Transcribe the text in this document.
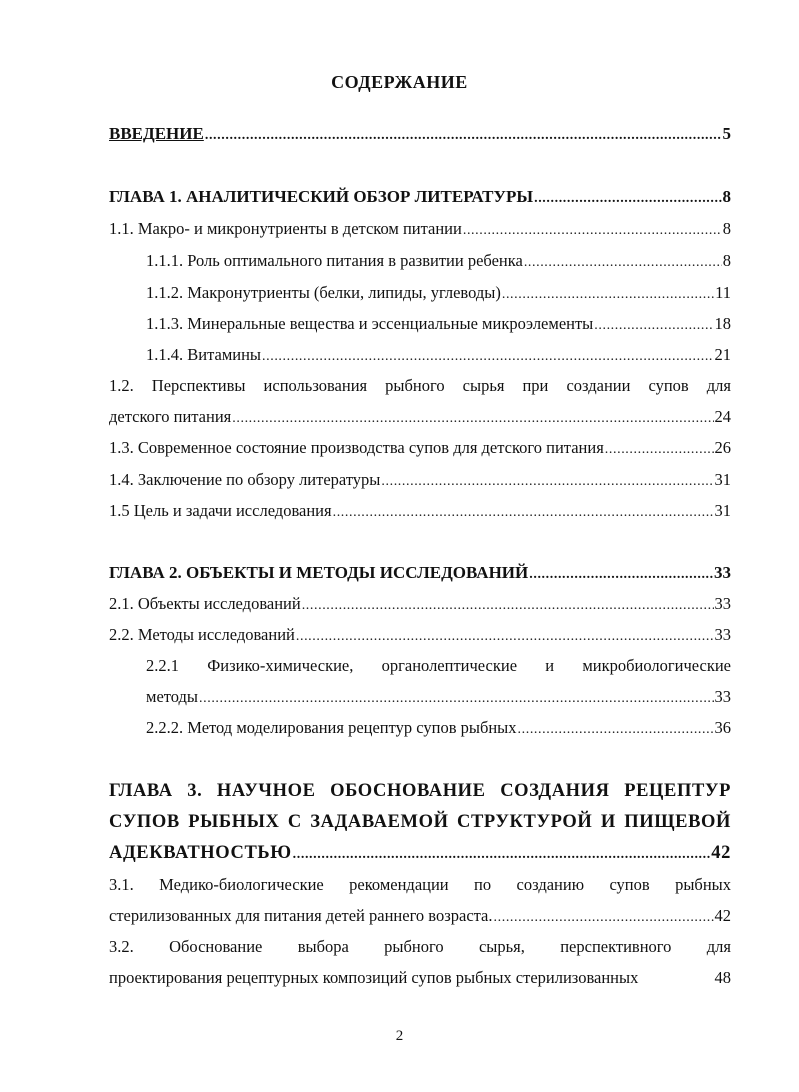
СОДЕРЖАНИЕ
ВВЕДЕНИЕ .....	5
ГЛАВА 1. АНАЛИТИЧЕСКИЙ ОБЗОР ЛИТЕРАТУРЫ .....	8
1.1. Макро- и микронутриенты в детском питании .....	8
1.1.1. Роль оптимального питания в развитии ребенка .....	8
1.1.2. Макронутриенты (белки, липиды, углеводы) .....	11
1.1.3. Минеральные вещества и эссенциальные микроэлементы .....	18
1.1.4. Витамины .....	21
1.2. Перспективы использования рыбного сырья при создании супов для
детского питания .....	24
1.3. Современное состояние производства супов для детского питания .....	26
1.4. Заключение по обзору литературы .....	31
1.5 Цель и задачи исследования .....	31
ГЛАВА 2. ОБЪЕКТЫ И МЕТОДЫ ИССЛЕДОВАНИЙ .....	33
2.1. Объекты исследований .....	33
2.2. Методы исследований .....	33
2.2.1 Физико-химические, органолептические и микробиологические
методы .....	33
2.2.2. Метод моделирования рецептур супов рыбных .....	36
ГЛАВА 3. НАУЧНОЕ ОБОСНОВАНИЕ СОЗДАНИЯ РЕЦЕПТУР
СУПОВ РЫБНЫХ С ЗАДАВАЕМОЙ СТРУКТУРОЙ И ПИЩЕВОЙ
АДЕКВАТНОСТЬЮ .....	42
3.1. Медико-биологические рекомендации по созданию супов рыбных
стерилизованных для питания детей раннего возраста. .....	42
3.2. Обоснование выбора рыбного сырья, перспективного для
проектирования рецептурных композиций супов рыбных стерилизованных	48
2
